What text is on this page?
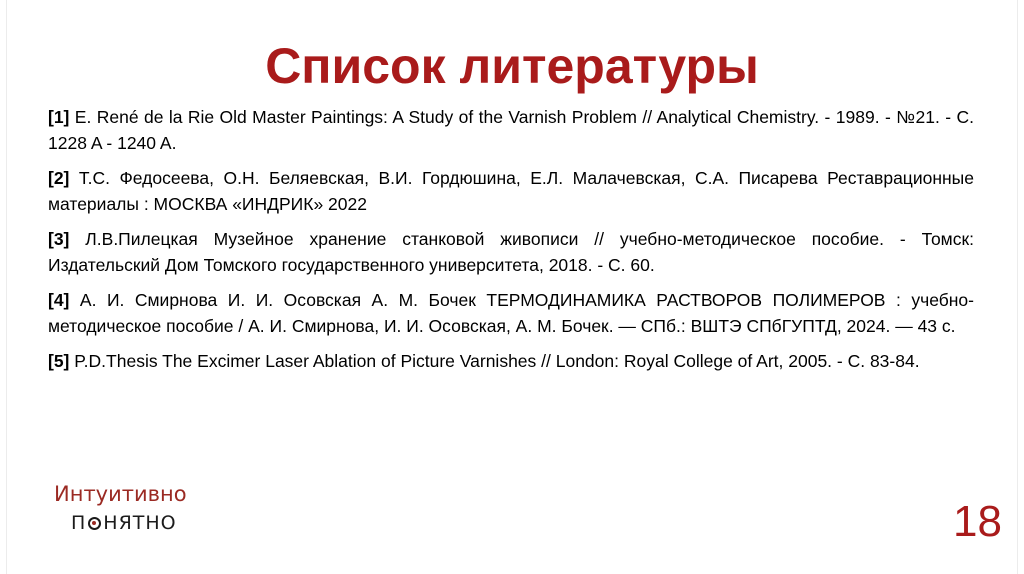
Список литературы

[1] E. René de la Rie Old Master Paintings: A Study of the Varnish Problem // Analytical Chemistry. - 1989. - №21. - C. 1228 A - 1240 A.

[2] Т.С. Федосеева, О.Н. Беляевская, В.И. Гордюшина, Е.Л. Малачевская, С.А. Писарева Реставрационные материалы : МОСКВА «ИНДРИК» 2022

[3] Л.В.Пилецкая Музейное хранение станковой живописи // учебно-методическое пособие. - Томск: Издательский Дом Томского государственного университета, 2018. - С. 60.

[4] А. И. Смирнова И. И. Осовская А. М. Бочек ТЕРМОДИНАМИКА РАСТВОРОВ ПОЛИМЕРОВ : учебно-методическое пособие / А. И. Смирнова, И. И. Осовская, А. М. Бочек. — СПб.: ВШТЭ СПбГУПТД, 2024. — 43 с.

[5] P.D.Thesis The Excimer Laser Ablation of Picture Varnishes // London: Royal College of Art, 2005. - С. 83-84.

Интуитивно
П НЯТНО	18
